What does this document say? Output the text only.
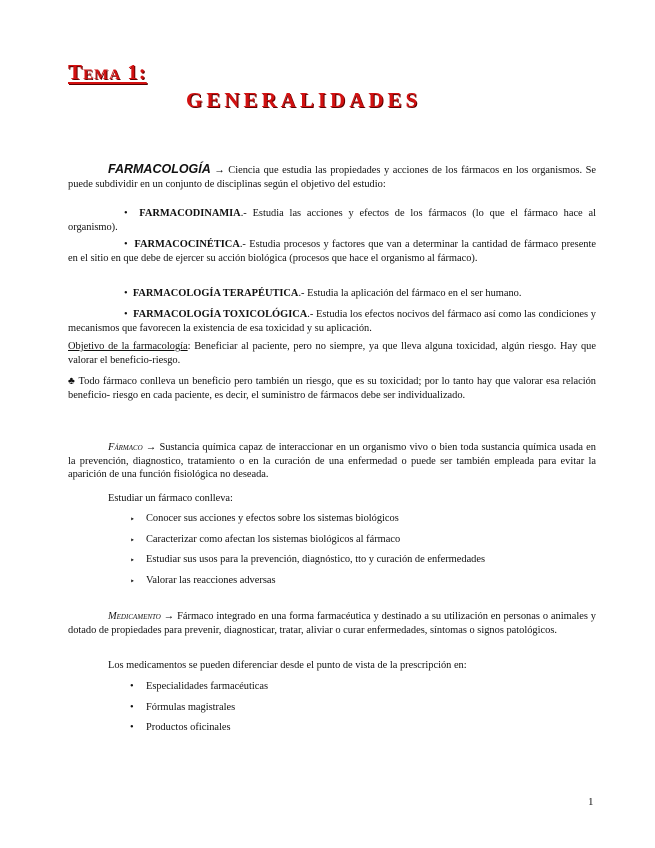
Tema 1:
GENERALIDADES
FARMACOLOGÍA → Ciencia que estudia las propiedades y acciones de los fármacos en los organismos. Se puede subdividir en un conjunto de disciplinas según el objetivo del estudio:
• FARMACODINAMIA.- Estudia las acciones y efectos de los fármacos (lo que el fármaco hace al organismo).
• FARMACOCINÉTICA.- Estudia procesos y factores que van a determinar la cantidad de fármaco presente en el sitio en que debe de ejercer su acción biológica (procesos que hace el organismo al fármaco).
• FARMACOLOGÍA TERAPÉUTICA.- Estudia la aplicación del fármaco en el ser humano.
• FARMACOLOGÍA TOXICOLÓGICA.- Estudia los efectos nocivos del fármaco así como las condiciones y mecanismos que favorecen la existencia de esa toxicidad y su aplicación.
Objetivo de la farmacología: Beneficiar al paciente, pero no siempre, ya que lleva alguna toxicidad, algún riesgo. Hay que valorar el beneficio-riesgo.
♣ Todo fármaco conlleva un beneficio pero también un riesgo, que es su toxicidad; por lo tanto hay que valorar esa relación beneficio- riesgo en cada paciente, es decir, el suministro de fármacos debe ser individualizado.
Fármaco → Sustancia química capaz de interaccionar en un organismo vivo o bien toda sustancia química usada en la prevención, diagnostico, tratamiento o en la curación de una enfermedad o puede ser también empleada para evitar la aparición de una función fisiológica no deseada.
Estudiar un fármaco conlleva:
‣ Conocer sus acciones y efectos sobre los sistemas biológicos
‣ Caracterizar como afectan los sistemas biológicos al fármaco
‣ Estudiar sus usos para la prevención, diagnóstico, tto y curación de enfermedades
‣ Valorar las reacciones adversas
Medicamento → Fármaco integrado en una forma farmacéutica y destinado a su utilización en personas o animales y dotado de propiedades para prevenir, diagnosticar, tratar, aliviar o curar enfermedades, síntomas o signos patológicos.
Los medicamentos se pueden diferenciar desde el punto de vista de la prescripción en:
• Especialidades farmacéuticas
• Fórmulas magistrales
• Productos oficinales
1
